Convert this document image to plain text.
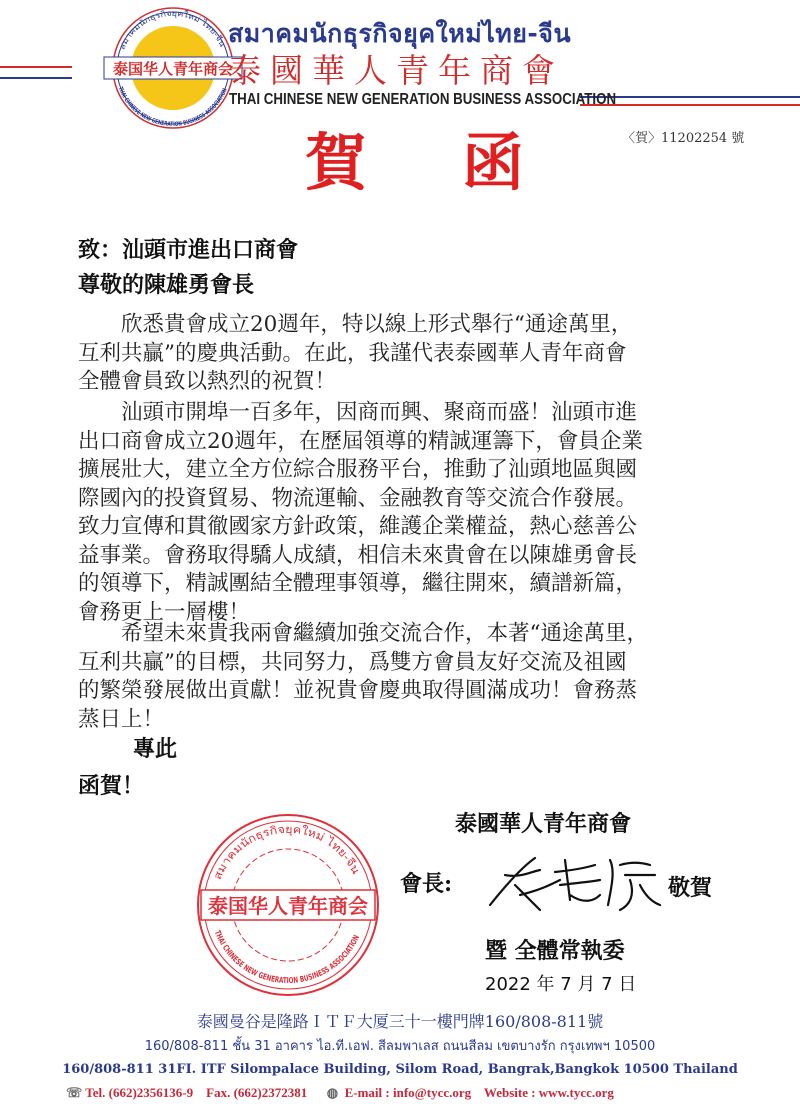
泰国华人青年商会
สมาคมนักธุรกิจยุคใหม่ ไทย-จีน
THAI CHINESE NEW GENERATION BUSINESS ASSOCIATION
สมาคมนักธุรกิจยุคใหม่ไทย-จีน
泰國華人青年商會
THAI CHINESE NEW GENERATION BUSINESS ASSOCIATION
〈賀〉11202254 號
賀 函
致：汕頭市進出口商會
尊敬的陳雄勇會長
欣悉貴會成立20週年，特以線上形式舉行“通途萬里，
互利共贏”的慶典活動。在此，我謹代表泰國華人青年商會
全體會員致以熱烈的祝賀！
汕頭市開埠一百多年，因商而興、聚商而盛！汕頭市進
出口商會成立20週年，在歷屆領導的精誠運籌下，會員企業
擴展壯大，建立全方位綜合服務平台，推動了汕頭地區與國
際國內的投資貿易、物流運輸、金融教育等交流合作發展。
致力宣傳和貫徹國家方針政策，維護企業權益，熱心慈善公
益事業。會務取得驕人成績，相信未來貴會在以陳雄勇會長
的領導下，精誠團結全體理事領導，繼往開來，續譜新篇，
會務更上一層樓！
希望未來貴我兩會繼續加強交流合作，本著“通途萬里，
互利共贏”的目標，共同努力，爲雙方會員友好交流及祖國
的繁榮發展做出貢獻！並祝貴會慶典取得圓滿成功！會務蒸
蒸日上！
專此
函賀！
泰國華人青年商會
泰国华人青年商会
สมาคมนักธุรกิจยุคใหม่ ไทย-จีน
THAI CHINESE NEW GENERATION BUSINESS ASSOCIATION
會長:	敬賀
暨 全體常執委
2022 年 7 月 7 日
泰國曼谷是隆路ＩＴＦ大厦三十一樓門牌160/808-811號
160/808-811 ชั้น 31 อาคาร ไอ.ที.เอฟ. สีลมพาเลส ถนนสีลม เขตบางรัก กรุงเทพฯ 10500
160/808-811 31FI. ITF Silompalace Building, Silom Road, Bangrak,Bangkok 10500 Thailand
☏ Tel. (662)2356136-9 Fax. (662)2372381 ◍ E-mail : info@tycc.org Website : www.tycc.org
